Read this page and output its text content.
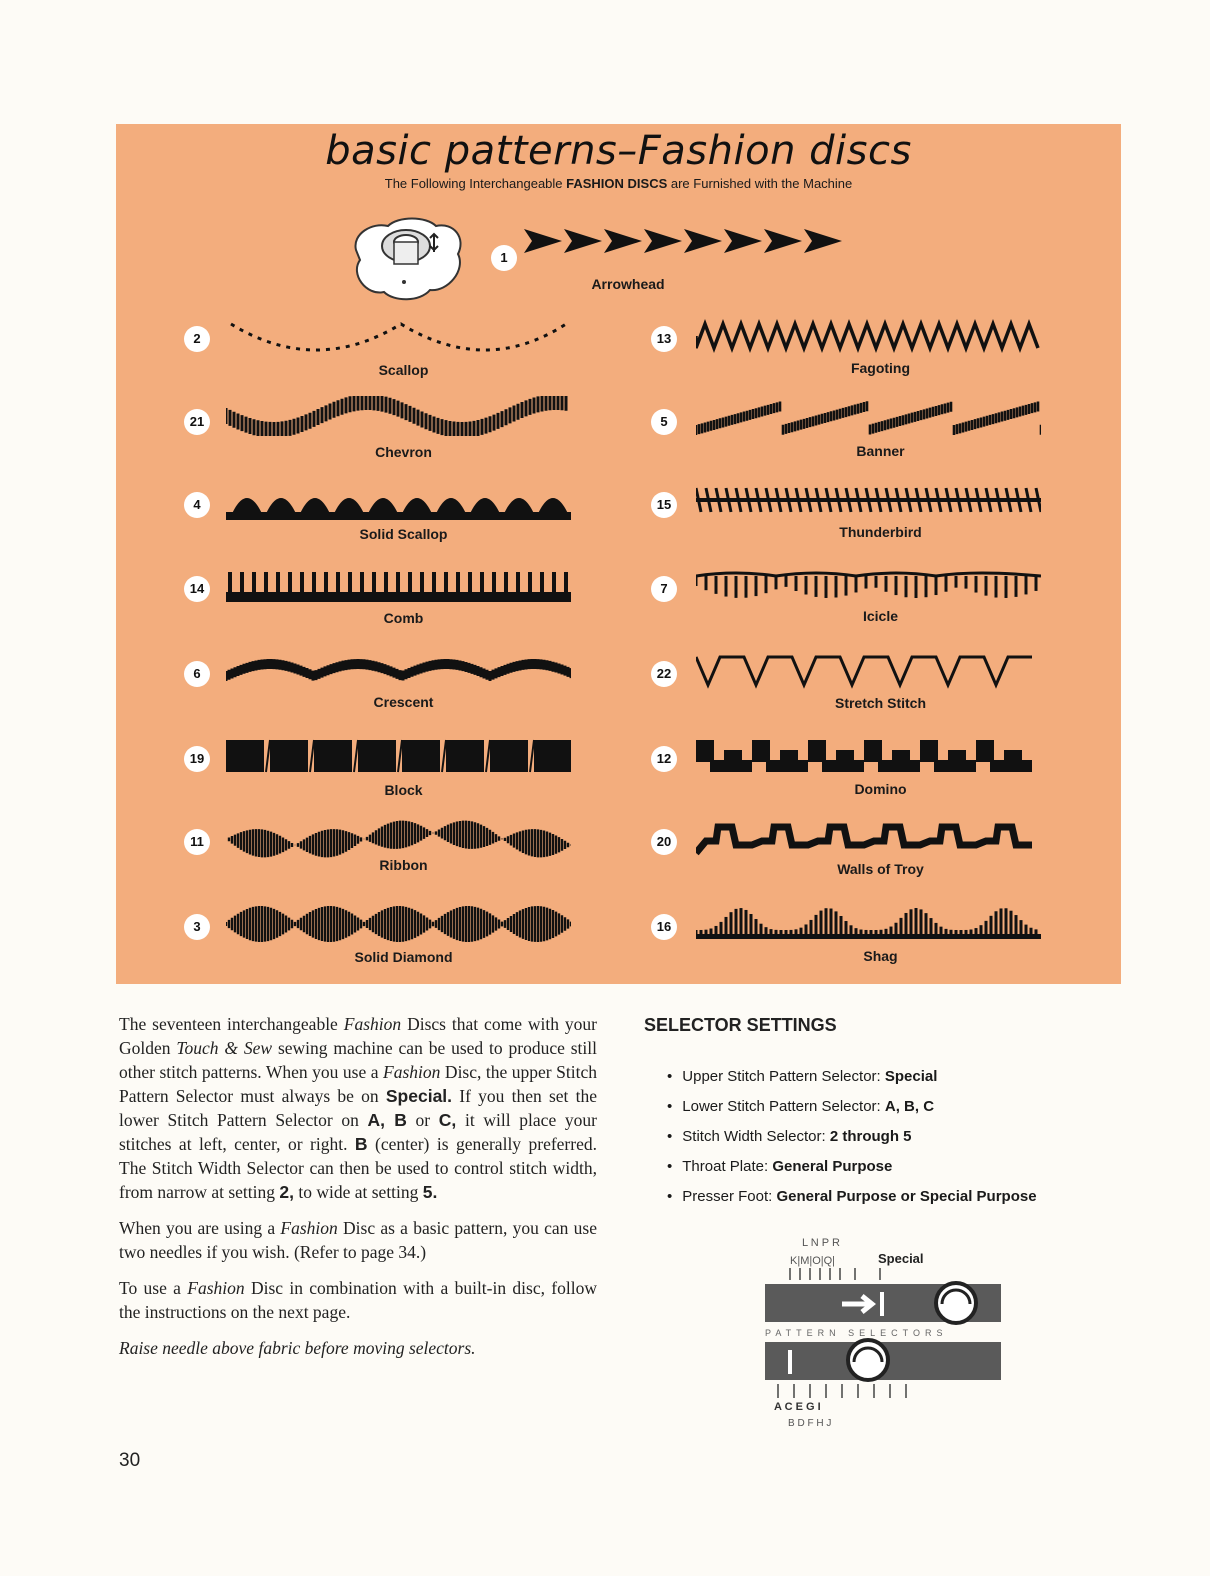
basic patterns–Fashion discs
The Following Interchangeable FASHION DISCS are Furnished with the Machine
1
2
21
4
14
6
19
11
3
13
5
15
7
22
12
20
16
Arrowhead
Scallop
Chevron
Solid Scallop
Comb
Crescent
Block
Ribbon
Solid Diamond
Fagoting
Banner
Thunderbird
Icicle
Stretch Stitch
Domino
Walls of Troy
Shag

The seventeen interchangeable Fashion Discs that come with your Golden Touch & Sew sewing machine can be used to produce still other stitch patterns. When you use a Fashion Disc, the upper Stitch Pattern Selector must always be on Special. If you then set the lower Stitch Pattern Selector on A, B or C, it will place your stitches at left, center, or right. B (center) is generally preferred. The Stitch Width Selector can then be used to control stitch width, from narrow at setting 2, to wide at setting 5.

When you are using a Fashion Disc as a basic pattern, you can use two needles if you wish. (Refer to page 34.)

To use a Fashion Disc in combination with a built-in disc, follow the instructions on the next page.

Raise needle above fabric before moving selectors.

30
SELECTOR SETTINGS
• Upper Stitch Pattern Selector: Special
• Lower Stitch Pattern Selector: A, B, C
• Stitch Width Selector: 2 through 5
• Throat Plate: General Purpose
• Presser Foot: General Purpose or Special Purpose
L N P R
K|M|O|Q|	Special
PATTERN SELECTORS
A C E G I
B D F H J
